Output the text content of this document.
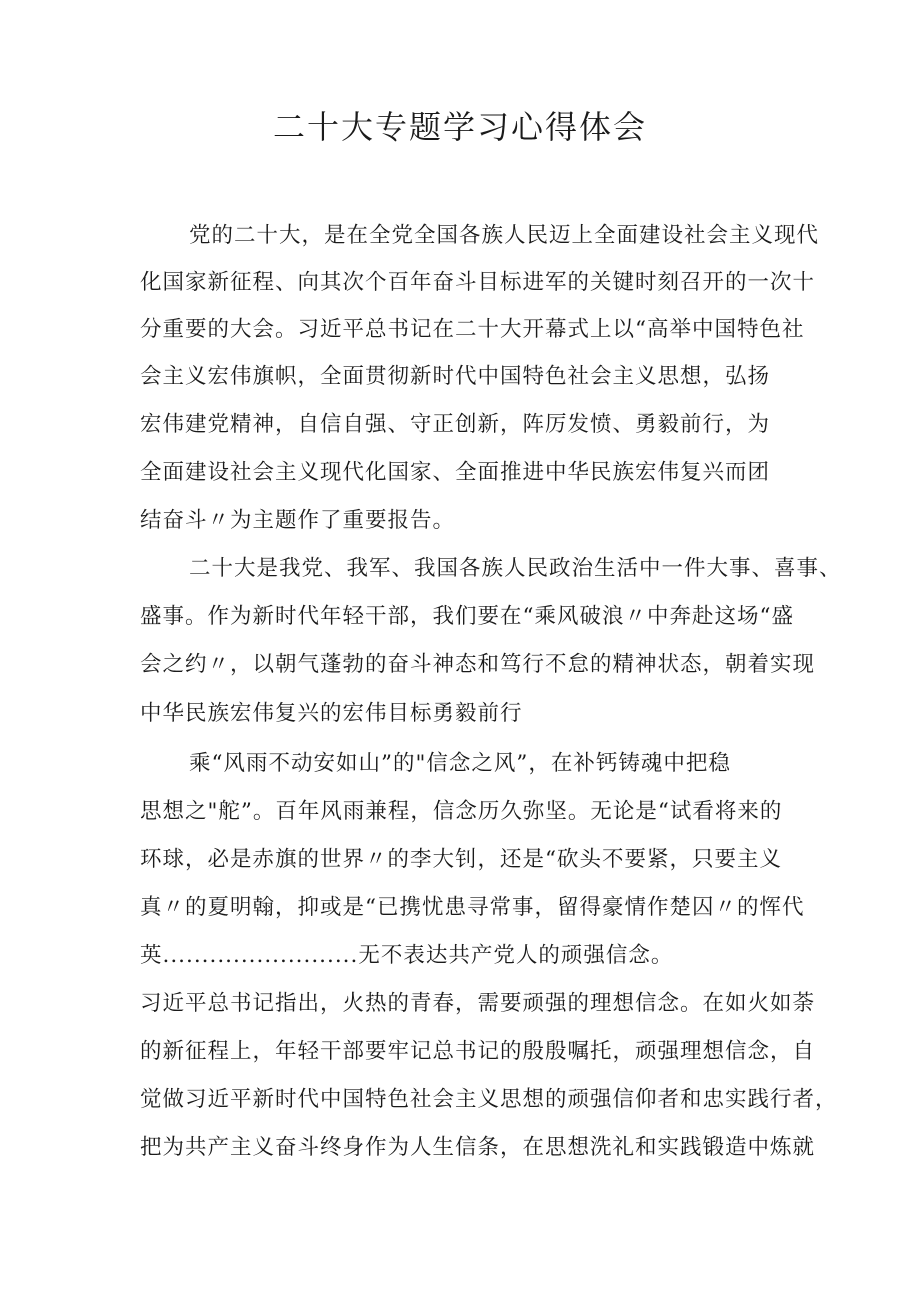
二十大专题学习心得体会
党的二十大，是在全党全国各族人民迈上全面建设社会主义现代
化国家新征程、向其次个百年奋斗目标进军的关键时刻召开的一次十
分重要的大会。习近平总书记在二十大开幕式上以“高举中国特色社
会主义宏伟旗帜，全面贯彻新时代中国特色社会主义思想，弘扬
宏伟建党精神，自信自强、守正创新，阵厉发愤、勇毅前行，为
全面建设社会主义现代化国家、全面推进中华民族宏伟复兴而团
结奋斗〃为主题作了重要报告。
二十大是我党、我军、我国各族人民政治生活中一件大事、喜事、
盛事。作为新时代年轻干部，我们要在“乘风破浪〃中奔赴这场“盛
会之约〃，以朝气蓬勃的奋斗神态和笃行不怠的精神状态，朝着实现
中华民族宏伟复兴的宏伟目标勇毅前行
乘“风雨不动安如山”的"信念之风”，在补钙铸魂中把稳
思想之"舵”。百年风雨兼程，信念历久弥坚。无论是“试看将来的
环球，必是赤旗的世界〃的李大钊，还是“砍头不要紧，只要主义
真〃的夏明翰，抑或是“已携忧患寻常事，留得豪情作楚囚〃的恽代
英.........................无不表达共产党人的顽强信念。
习近平总书记指出，火热的青春，需要顽强的理想信念。在如火如荼
的新征程上，年轻干部要牢记总书记的殷殷嘱托，顽强理想信念，自
觉做习近平新时代中国特色社会主义思想的顽强信仰者和忠实践行者，
把为共产主义奋斗终身作为人生信条，在思想洗礼和实践锻造中炼就
